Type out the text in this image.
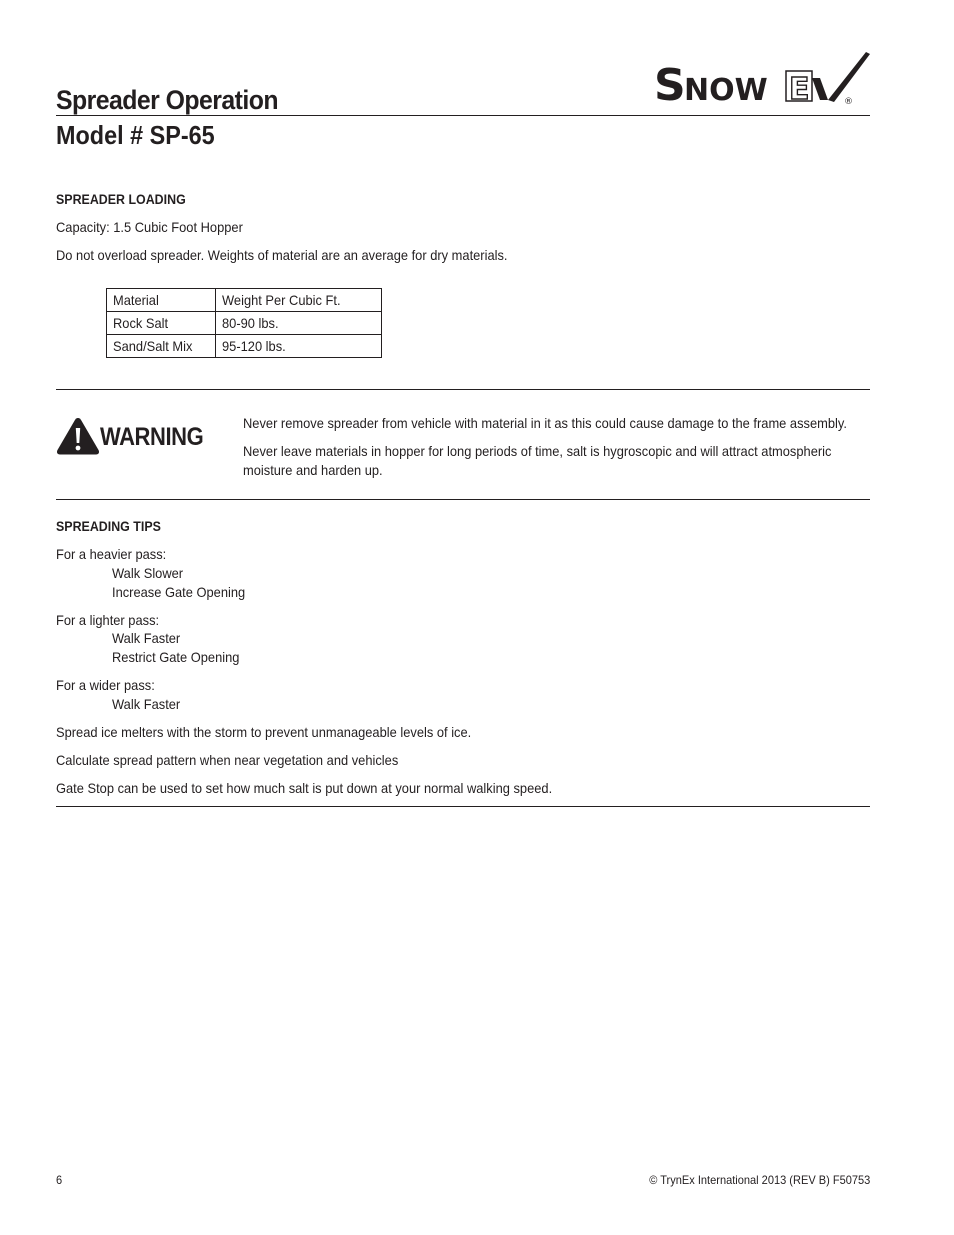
S
NOW E	®
Spreader Operation
Model # SP-65

SPREADER LOADING

Capacity: 1.5 Cubic Foot Hopper

Do not overload spreader. Weights of material are an average for dry materials.

Material	Weight Per Cubic Ft.
Rock Salt	80-90 lbs.
Sand/Salt Mix	95-120 lbs.

WARNING	Never remove spreader from vehicle with material in it as this could cause damage to the frame assembly.

Never leave materials in hopper for long periods of time, salt is hygroscopic and will attract atmospheric

moisture and harden up.

SPREADING TIPS

For a heavier pass:

Walk Slower

Increase Gate Opening

For a lighter pass:

Walk Faster

Restrict Gate Opening

For a wider pass:

Walk Faster

Spread ice melters with the storm to prevent unmanageable levels of ice.

Calculate spread pattern when near vegetation and vehicles

Gate Stop can be used to set how much salt is put down at your normal walking speed.

6	© TrynEx International 2013 (REV B) F50753
